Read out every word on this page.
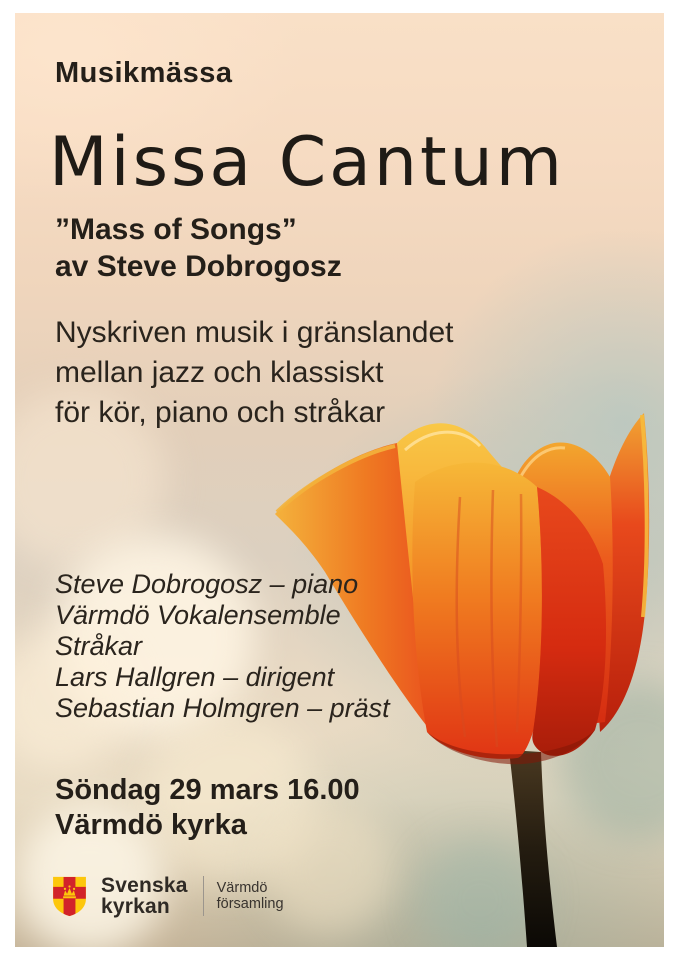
Musikmässa
Missa Cantum
”Mass of Songs”
av Steve Dobrogosz
Nyskriven musik i gränslandet
mellan jazz och klassiskt
för kör, piano och stråkar
Steve Dobrogosz – piano
Värmdö Vokalensemble
Stråkar
Lars Hallgren – dirigent
Sebastian Holmgren – präst
Söndag 29 mars 16.00
Värmdö kyrka
Svenska
kyrkan
Värmdö
församling
